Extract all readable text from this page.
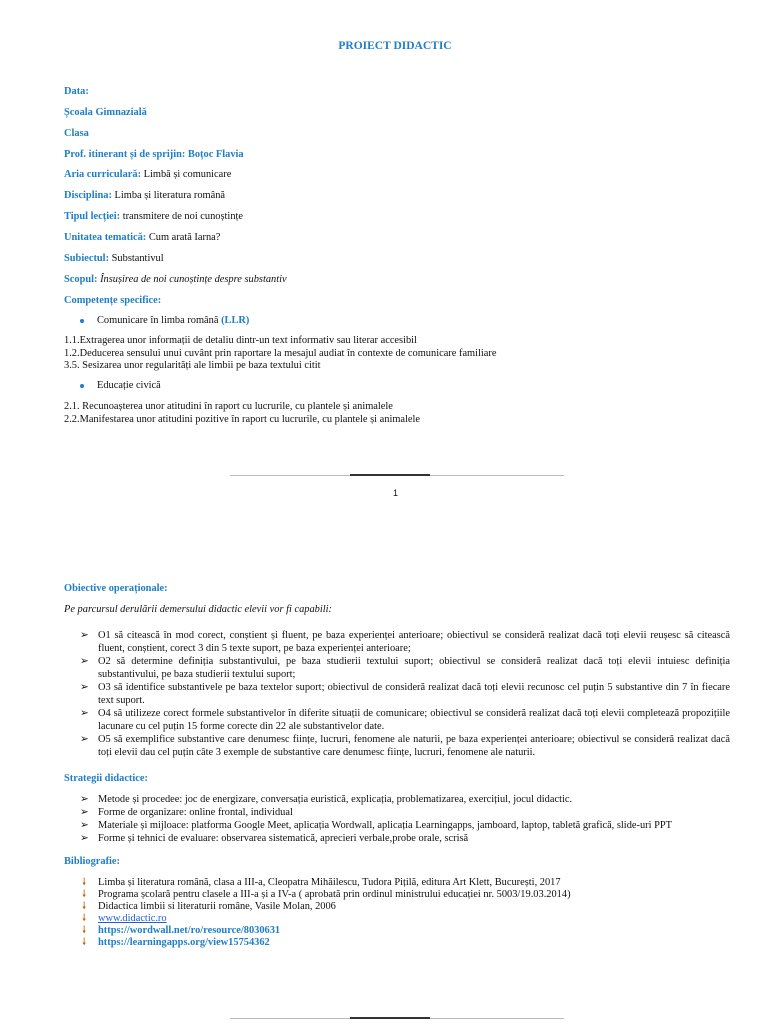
PROIECT DIDACTIC
Data:
Școala Gimnazială
Clasa
Prof. itinerant și de sprijin: Boțoc Flavia
Aria curriculară: Limbă și comunicare
Disciplina: Limba și literatura română
Tipul lecției: transmitere de noi cunoștințe
Unitatea tematică: Cum arată Iarna?
Subiectul: Substantivul
Scopul: Însușirea de noi cunoștințe despre substantiv
Competențe specifice:
Comunicare în limba română (LLR)
1.1.Extragerea unor informații de detaliu dintr-un text informativ sau literar accesibil
1.2.Deducerea sensului unui cuvânt prin raportare la mesajul audiat în contexte de comunicare familiare
3.5. Sesizarea unor regularități ale limbii pe baza textului citit
Educație civică
2.1. Recunoașterea unor atitudini în raport cu lucrurile, cu plantele și animalele
2.2.Manifestarea unor atitudini pozitive în raport cu lucrurile, cu plantele și animalele
1
Obiective operaționale:
Pe parcursul derulării demersului didactic elevii vor fi capabili:
➢ O1 să citească în mod corect, conștient și fluent, pe baza experienței anterioare; obiectivul se consideră realizat dacă toți elevii reușesc să citească fluent, conștient, corect 3 din 5 texte suport, pe baza experienței anterioare;
➢ O2 să determine definiția substantivului, pe baza studierii textului suport; obiectivul se consideră realizat dacă toți elevii intuiesc definiția substantivului, pe baza studierii textului suport;
➢ O3 să identifice substantivele pe baza textelor suport; obiectivul de consideră realizat dacă toți elevii recunosc cel puțin 5 substantive din 7 în fiecare text suport.
➢ O4 să utilizeze corect formele substantivelor în diferite situații de comunicare; obiectivul se consideră realizat dacă toți elevii completează propozițiile lacunare cu cel puțin 15 forme corecte din 22 ale substantivelor date.
➢ O5 să exemplifice substantive care denumesc ființe, lucruri, fenomene ale naturii, pe baza experienței anterioare; obiectivul se consideră realizat dacă toți elevii dau cel puțin câte 3 exemple de substantive care denumesc ființe, lucruri, fenomene ale naturii.
Strategii didactice:
➢ Metode și procedee: joc de energizare, conversația euristică, explicația, problematizarea, exercițiul, jocul didactic.
➢ Forme de organizare: online frontal, individual
➢ Materiale și mijloace: platforma Google Meet, aplicația Wordwall, aplicația Learningapps, jamboard, laptop, tabletă grafică, slide-uri PPT
➢ Forme și tehnici de evaluare: observarea sistematică, aprecieri verbale,probe orale, scrisă
Bibliografie:
🠗 Limba și literatura română, clasa a III-a, Cleopatra Mihăilescu, Tudora Pițilă, editura Art Klett, București, 2017
🠗 Programa școlară pentru clasele a III-a și a IV-a ( aprobată prin ordinul ministrului educației nr. 5003/19.03.2014)
🠗 Didactica limbii si literaturii române, Vasile Molan, 2006
🠗 www.didactic.ro
🠗 https://wordwall.net/ro/resource/8030631
🠗 https://learningapps.org/view15754362
